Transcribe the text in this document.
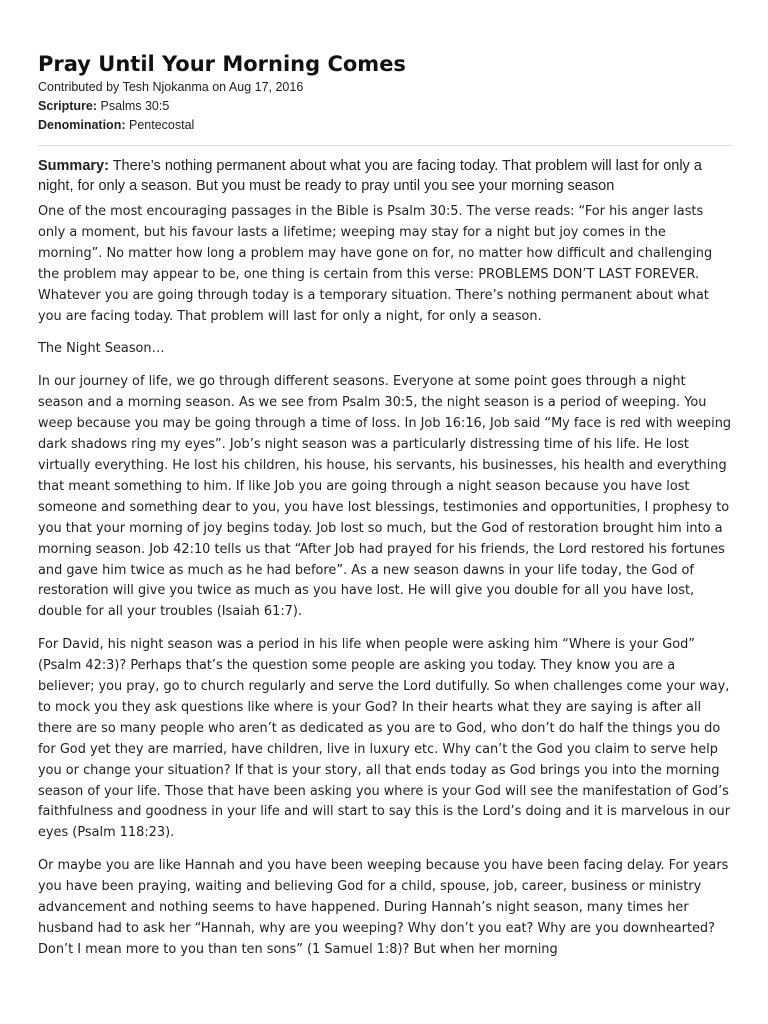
Pray Until Your Morning Comes
Contributed by Tesh Njokanma on Aug 17, 2016
Scripture: Psalms 30:5
Denomination: Pentecostal

Summary: There’s nothing permanent about what you are facing today. That problem will last for only a night, for only a season. But you must be ready to pray until you see your morning season

One of the most encouraging passages in the Bible is Psalm 30:5. The verse reads: “For his anger lasts only a moment, but his favour lasts a lifetime; weeping may stay for a night but joy comes in the morning”. No matter how long a problem may have gone on for, no matter how difficult and challenging the problem may appear to be, one thing is certain from this verse: PROBLEMS DON’T LAST FOREVER. Whatever you are going through today is a temporary situation. There’s nothing permanent about what you are facing today. That problem will last for only a night, for only a season.

The Night Season…

In our journey of life, we go through different seasons. Everyone at some point goes through a night season and a morning season. As we see from Psalm 30:5, the night season is a period of weeping. You weep because you may be going through a time of loss. In Job 16:16, Job said “My face is red with weeping dark shadows ring my eyes”. Job’s night season was a particularly distressing time of his life. He lost virtually everything. He lost his children, his house, his servants, his businesses, his health and everything that meant something to him. If like Job you are going through a night season because you have lost someone and something dear to you, you have lost blessings, testimonies and opportunities, I prophesy to you that your morning of joy begins today. Job lost so much, but the God of restoration brought him into a morning season. Job 42:10 tells us that “After Job had prayed for his friends, the Lord restored his fortunes and gave him twice as much as he had before”. As a new season dawns in your life today, the God of restoration will give you twice as much as you have lost. He will give you double for all you have lost, double for all your troubles (Isaiah 61:7).

For David, his night season was a period in his life when people were asking him “Where is your God” (Psalm 42:3)? Perhaps that’s the question some people are asking you today. They know you are a believer; you pray, go to church regularly and serve the Lord dutifully. So when challenges come your way, to mock you they ask questions like where is your God? In their hearts what they are saying is after all there are so many people who aren’t as dedicated as you are to God, who don’t do half the things you do for God yet they are married, have children, live in luxury etc. Why can’t the God you claim to serve help you or change your situation? If that is your story, all that ends today as God brings you into the morning season of your life. Those that have been asking you where is your God will see the manifestation of God’s faithfulness and goodness in your life and will start to say this is the Lord’s doing and it is marvelous in our eyes (Psalm 118:23).

Or maybe you are like Hannah and you have been weeping because you have been facing delay. For years you have been praying, waiting and believing God for a child, spouse, job, career, business or ministry advancement and nothing seems to have happened. During Hannah’s night season, many times her husband had to ask her “Hannah, why are you weeping? Why don’t you eat? Why are you downhearted? Don’t I mean more to you than ten sons” (1 Samuel 1:8)? But when her morning
